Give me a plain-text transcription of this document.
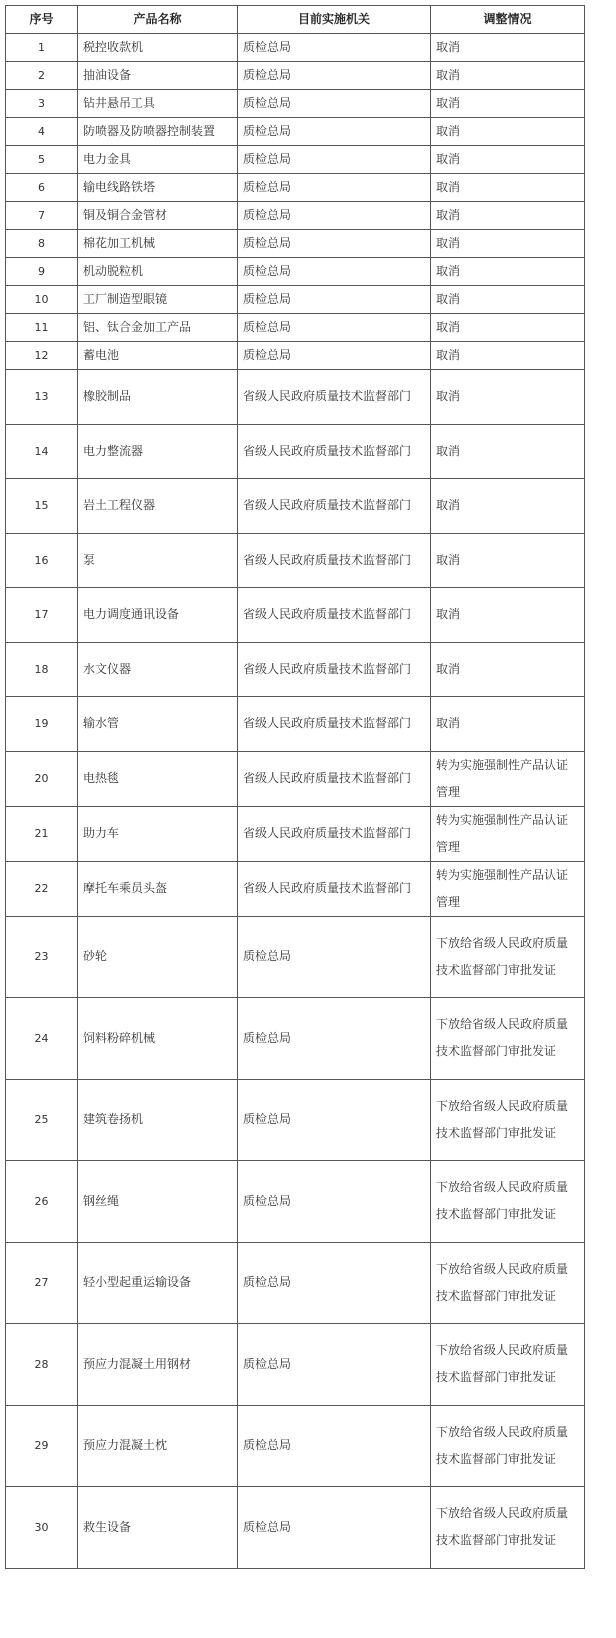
序号	产品名称	目前实施机关	调整情况
1	税控收款机	质检总局	取消
2	抽油设备	质检总局	取消
3	钻井悬吊工具	质检总局	取消
4	防喷器及防喷器控制装置	质检总局	取消
5	电力金具	质检总局	取消
6	输电线路铁塔	质检总局	取消
7	铜及铜合金管材	质检总局	取消
8	棉花加工机械	质检总局	取消
9	机动脱粒机	质检总局	取消
10	工厂制造型眼镜	质检总局	取消
11	铝、钛合金加工产品	质检总局	取消
12	蓄电池	质检总局	取消
13	橡胶制品	省级人民政府质量技术监督部门	取消
14	电力整流器	省级人民政府质量技术监督部门	取消
15	岩土工程仪器	省级人民政府质量技术监督部门	取消
16	泵	省级人民政府质量技术监督部门	取消
17	电力调度通讯设备	省级人民政府质量技术监督部门	取消
18	水文仪器	省级人民政府质量技术监督部门	取消
19	输水管	省级人民政府质量技术监督部门	取消
20	电热毯	省级人民政府质量技术监督部门	转为实施强制性产品认证管理
21	助力车	省级人民政府质量技术监督部门	转为实施强制性产品认证管理
22	摩托车乘员头盔	省级人民政府质量技术监督部门	转为实施强制性产品认证管理
23	砂轮	质检总局	下放给省级人民政府质量技术监督部门审批发证
24	饲料粉碎机械	质检总局	下放给省级人民政府质量技术监督部门审批发证
25	建筑卷扬机	质检总局	下放给省级人民政府质量技术监督部门审批发证
26	钢丝绳	质检总局	下放给省级人民政府质量技术监督部门审批发证
27	轻小型起重运输设备	质检总局	下放给省级人民政府质量技术监督部门审批发证
28	预应力混凝土用钢材	质检总局	下放给省级人民政府质量技术监督部门审批发证
29	预应力混凝土枕	质检总局	下放给省级人民政府质量技术监督部门审批发证
30	救生设备	质检总局	下放给省级人民政府质量技术监督部门审批发证
